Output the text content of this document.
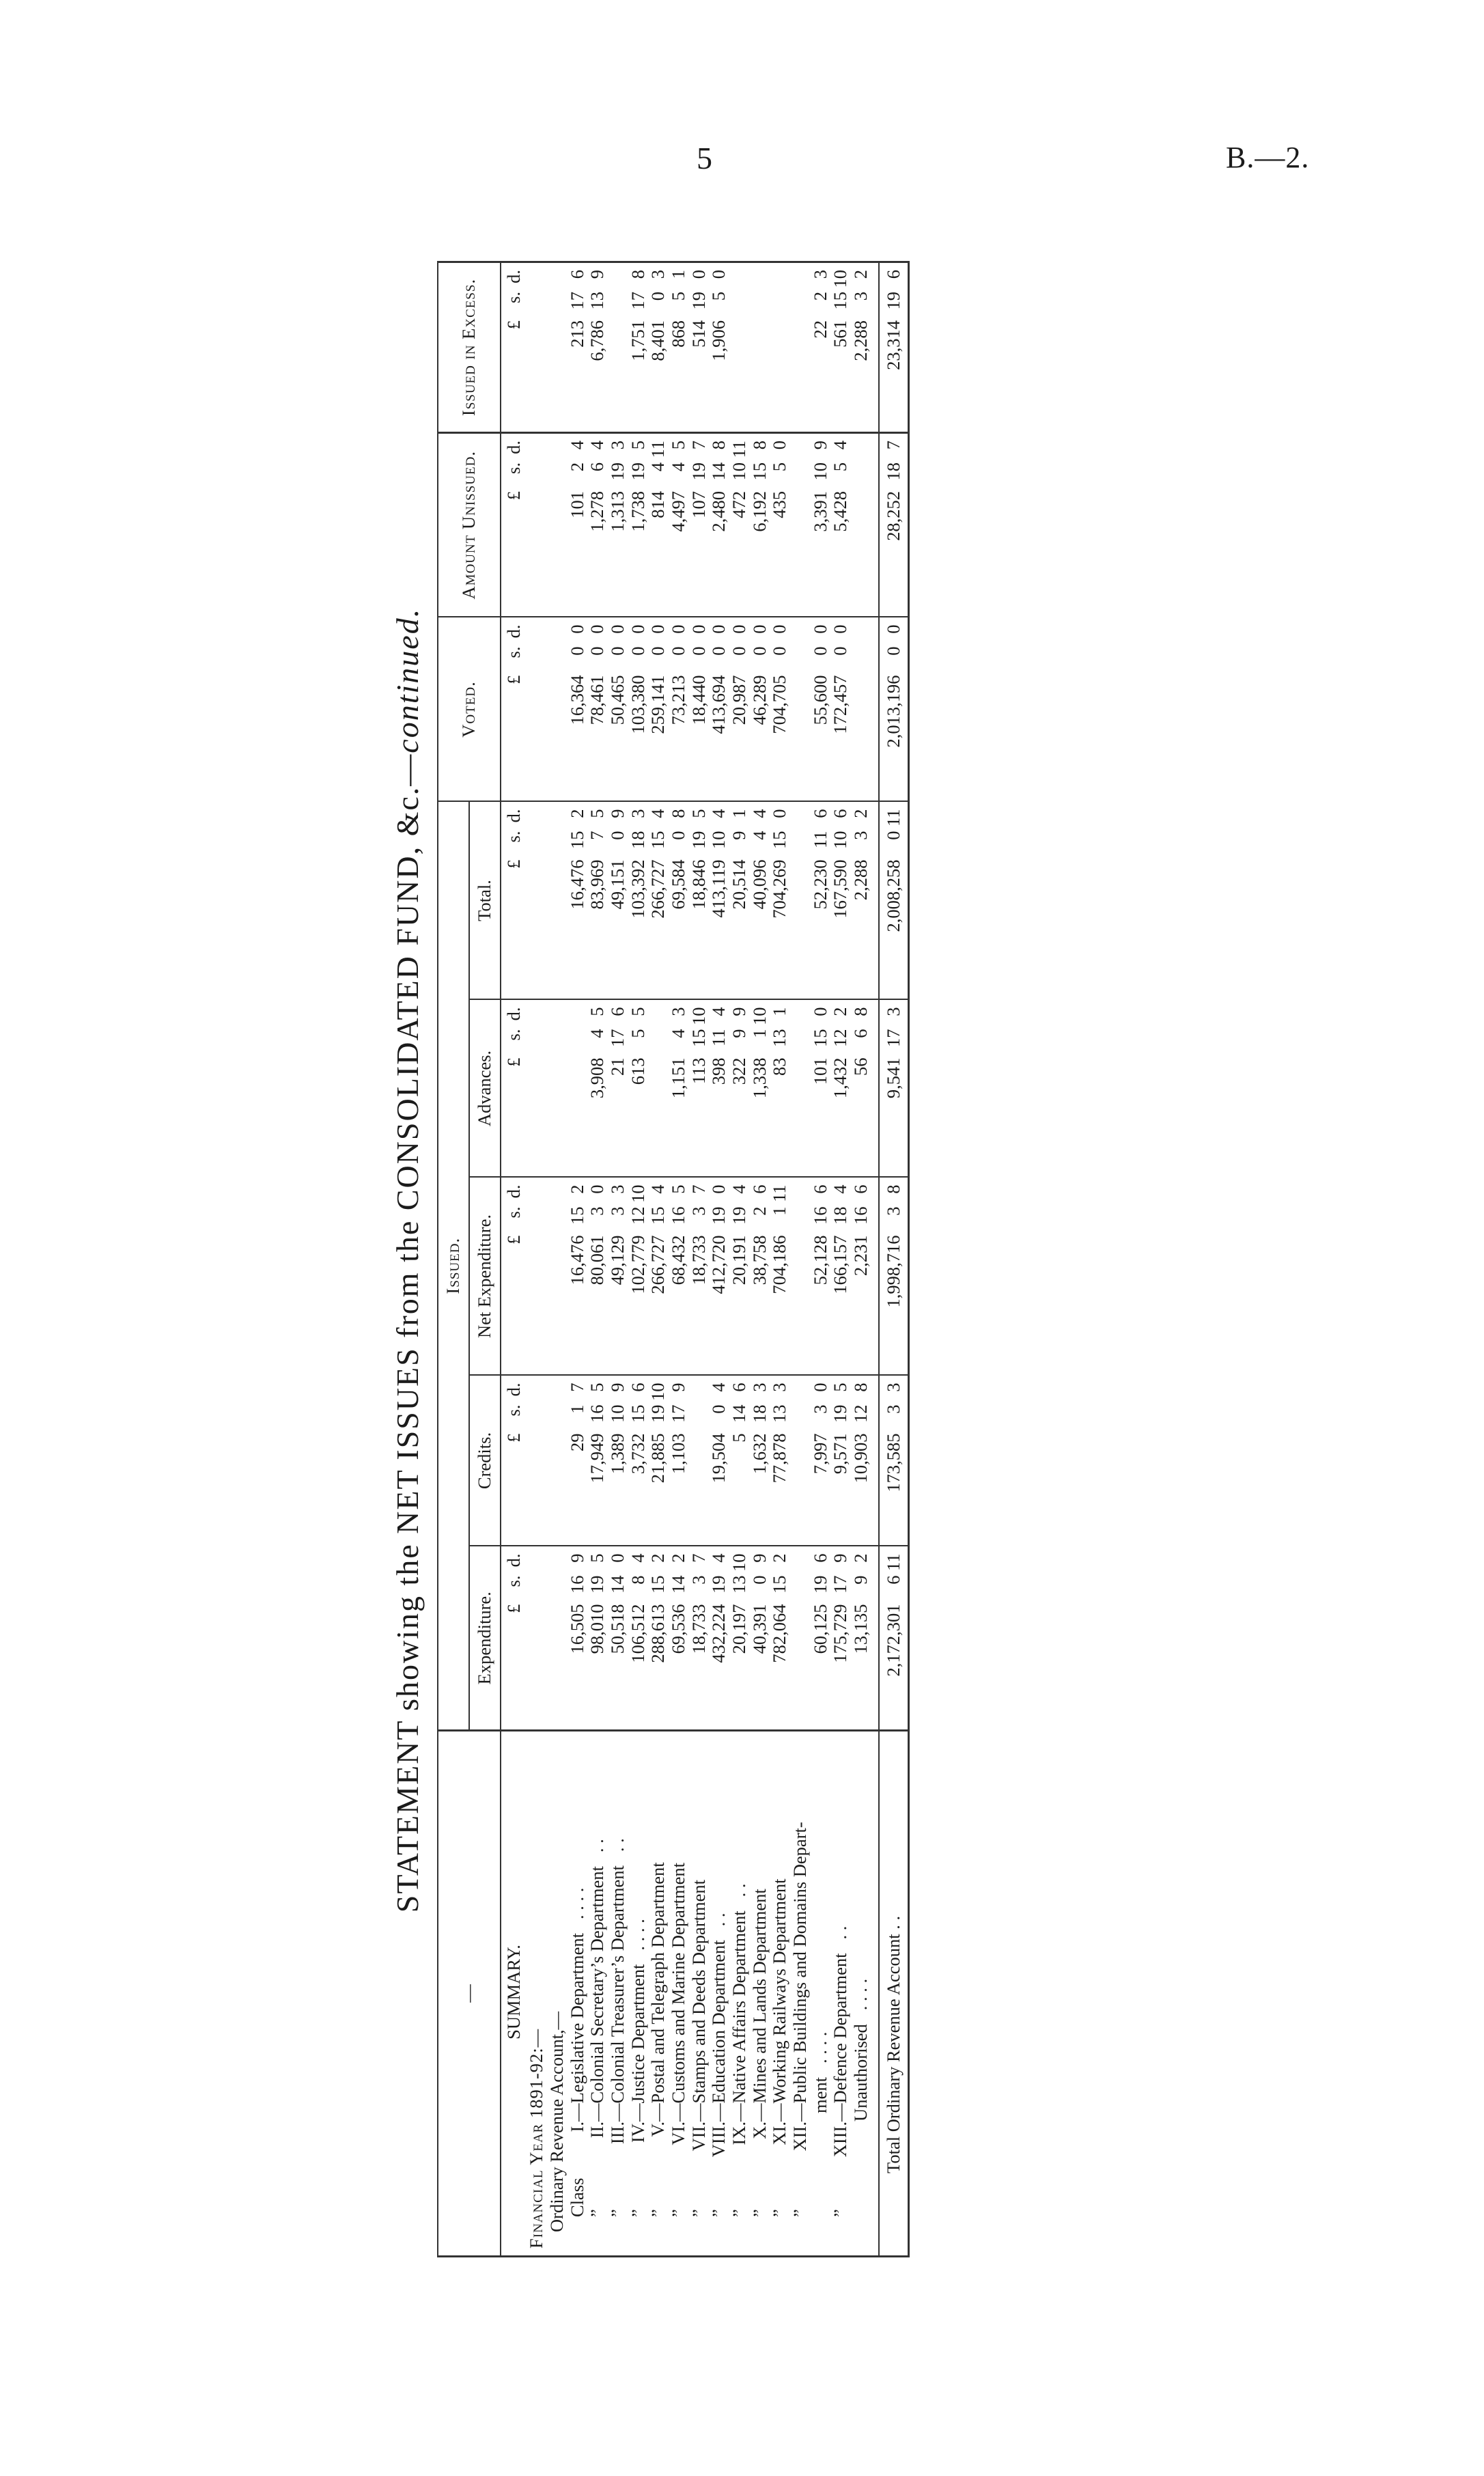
5	B.—2.
STATEMENT showing the NET ISSUES from the CONSOLIDATED FUND, &c.—continued.
—	Issued.					Voted.	Amount Unissued.	Issued in Excess.
	Expenditure.	Credits.	Net Expenditure.	Advances.	Total.			
SUMMARY.	£s.d.	£s.d.	£s.d.	£s.d.	£s.d.	£s.d.	£s.d.	£s.d.
Financial Year 1891-92:—								
Ordinary Revenue Account,—								
ClassI.—Legislative Department. . . .	16,505169	2917	16,476152		16,476152	16,36400	10124	213176
”II.—Colonial Secretary’s Department. .	98,010195	17,949165	80,06130	3,90845	83,96975	78,46100	1,27864	6,786139
”III.—Colonial Treasurer’s Department. .	50,518140	1,389109	49,12933	21176	49,15109	50,46500	1,313193	
”IV.—Justice Department. . . .	106,51284	3,732156	102,7791210	61355	103,392183	103,38000	1,738195	1,751178
”V.—Postal and Telegraph Department	288,613152	21,8851910	266,727154		266,727154	259,14100	814411	8,40103
”VI.—Customs and Marine Department	69,536142	1,103179	68,432165	1,15143	69,58408	73,21300	4,49745	86851
”VII.—Stamps and Deeds Department	18,73337		18,73337	1131510	18,846195	18,44000	107197	514190
”VIII.—Education Department. .	432,224194	19,50404	412,720190	398114	413,119104	413,69400	2,480148	1,90650
”IX.—Native Affairs Department. .	20,1971310	5146	20,191194	32299	20,51491	20,98700	4721011	
”X.—Mines and Lands Department	40,39109	1,632183	38,75826	1,338110	40,09644	46,28900	6,192158	
”XI.—Working Railways Department	782,064152	77,878133	704,186111	83131	704,269150	704,70500	43550	
”XII.—Public Buildings and Domains Depart-
ment. . . .	60,125196	7,99730	52,128166	101150	52,230116	55,60000	3,391109	2223
”XIII.—Defence Department. .	175,729179	9,571195	166,157184	1,432122	167,590106	172,45700	5,42854	5611510
Unauthorised. . . .	13,13592	10,903128	2,231166	5668	2,28832			2,28832

Total Ordinary Revenue Account . .	2,172,301611	173,58533	1,998,71638	9,541173	2,008,258011	2,013,19600	28,252187	23,314196
